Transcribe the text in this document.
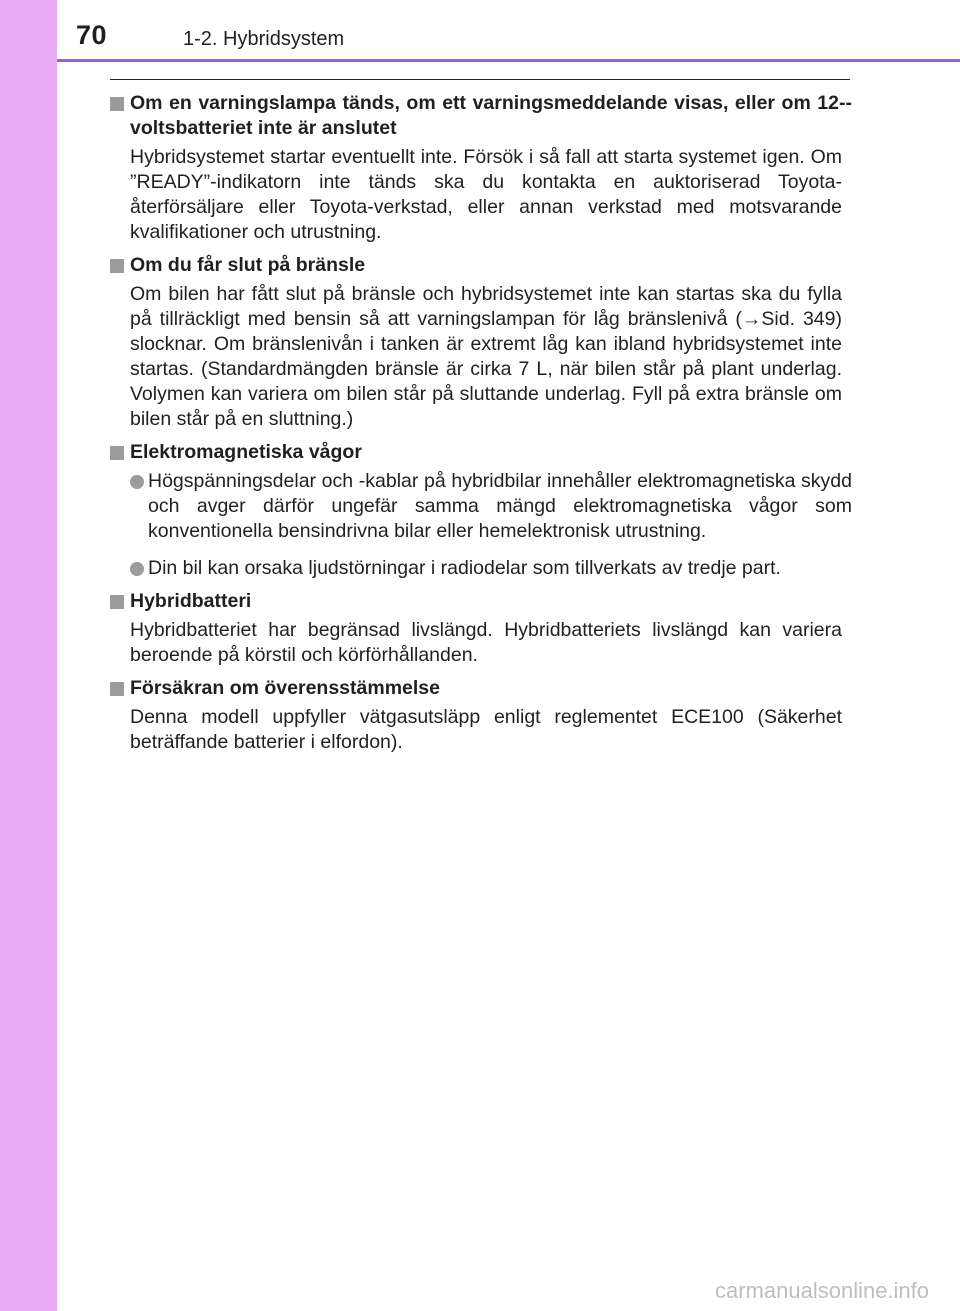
70	1-2. Hybridsystem
Om en varningslampa tänds, om ett varningsmeddelande visas, eller om 12--voltsbatteriet inte är anslutet
Hybridsystemet startar eventuellt inte. Försök i så fall att starta systemet igen. Om ”READY”-indikatorn inte tänds ska du kontakta en auktoriserad Toyota-återförsäljare eller Toyota-verkstad, eller annan verkstad med motsvarande kvalifikationer och utrustning.
Om du får slut på bränsle
Om bilen har fått slut på bränsle och hybridsystemet inte kan startas ska du fylla på tillräckligt med bensin så att varningslampan för låg bränslenivå (→Sid. 349) slocknar. Om bränslenivån i tanken är extremt låg kan ibland hybridsystemet inte startas. (Standardmängden bränsle är cirka 7 L, när bilen står på plant underlag. Volymen kan variera om bilen står på sluttande underlag. Fyll på extra bränsle om bilen står på en sluttning.)
Elektromagnetiska vågor
Högspänningsdelar och -kablar på hybridbilar innehåller elektromagnetiska skydd och avger därför ungefär samma mängd elektromagnetiska vågor som konventionella bensindrivna bilar eller hemelektronisk utrustning.
Din bil kan orsaka ljudstörningar i radiodelar som tillverkats av tredje part.
Hybridbatteri
Hybridbatteriet har begränsad livslängd. Hybridbatteriets livslängd kan variera beroende på körstil och körförhållanden.
Försäkran om överensstämmelse
Denna modell uppfyller vätgasutsläpp enligt reglementet ECE100 (Säkerhet beträffande batterier i elfordon).
carmanualsonline.info
